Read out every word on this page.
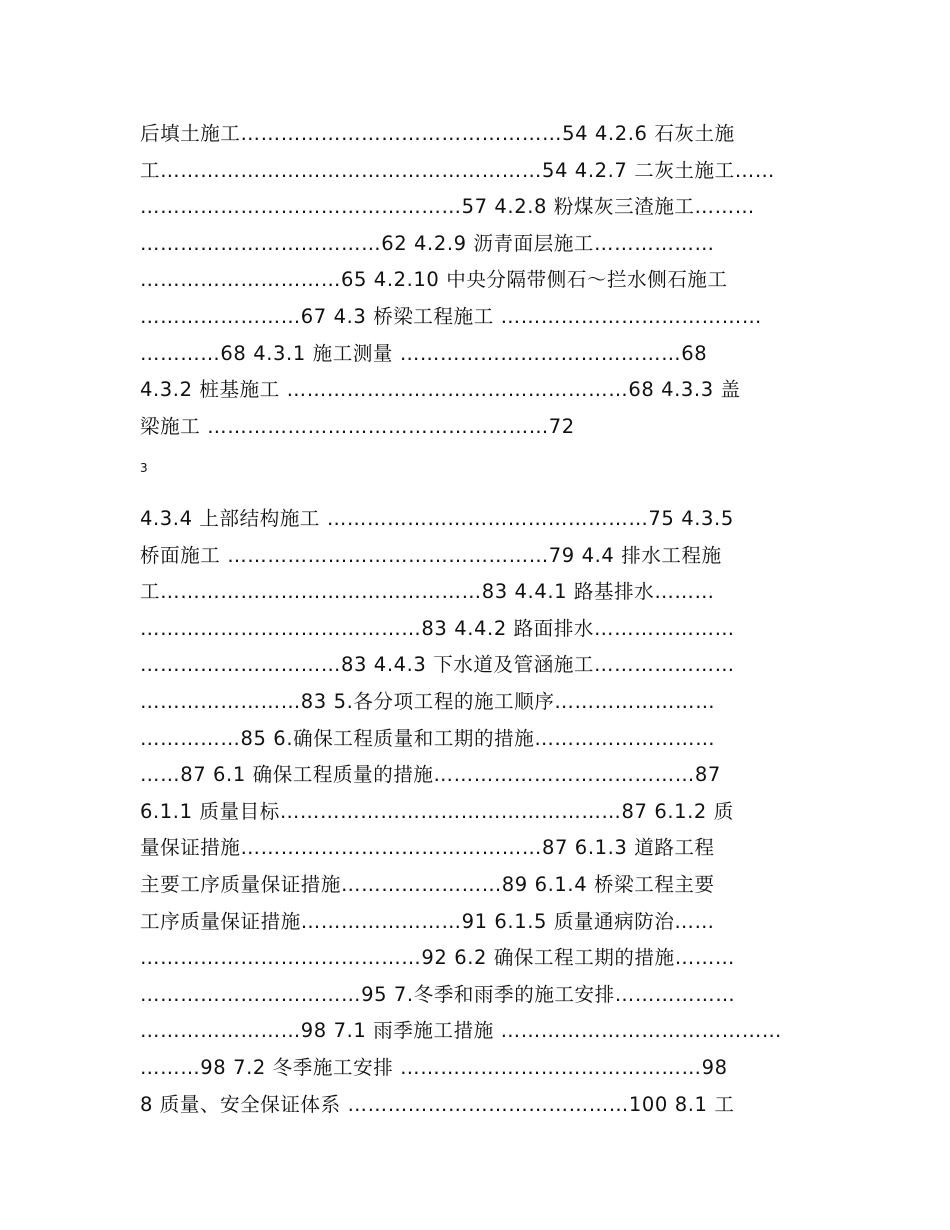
后填土施工…………………………………………54 4.2.6 石灰土施
工…………………………………………………54 4.2.7 二灰土施工……
…………………………………………57 4.2.8 粉煤灰三渣施工………
………………………………62 4.2.9 沥青面层施工………………
…………………………65 4.2.10 中央分隔带侧石～拦水侧石施工
……………………67 4.3 桥梁工程施工 …………………………………
…………68 4.3.1 施工测量 ……………………………………68
4.3.2 桩基施工 ……………………………………………68 4.3.3 盖
梁施工 ……………………………………………72
3
4.3.4 上部结构施工 …………………………………………75 4.3.5
桥面施工 …………………………………………79 4.4 排水工程施
工…………………………………………83 4.4.1 路基排水………
……………………………………83 4.4.2 路面排水…………………
…………………………83 4.4.3 下水道及管涵施工…………………
……………………83 5.各分项工程的施工顺序……………………
……………85 6.确保工程质量和工期的措施………………………
……87 6.1 确保工程质量的措施…………………………………87
6.1.1 质量目标……………………………………………87 6.1.2 质
量保证措施………………………………………87 6.1.3 道路工程
主要工序质量保证措施……………………89 6.1.4 桥梁工程主要
工序质量保证措施……………………91 6.1.5 质量通病防治……
……………………………………92 6.2 确保工程工期的措施………
……………………………95 7.冬季和雨季的施工安排………………
……………………98 7.1 雨季施工措施 ……………………………………
………98 7.2 冬季施工安排 ………………………………………98
8 质量、安全保证体系 ……………………………………100 8.1 工
